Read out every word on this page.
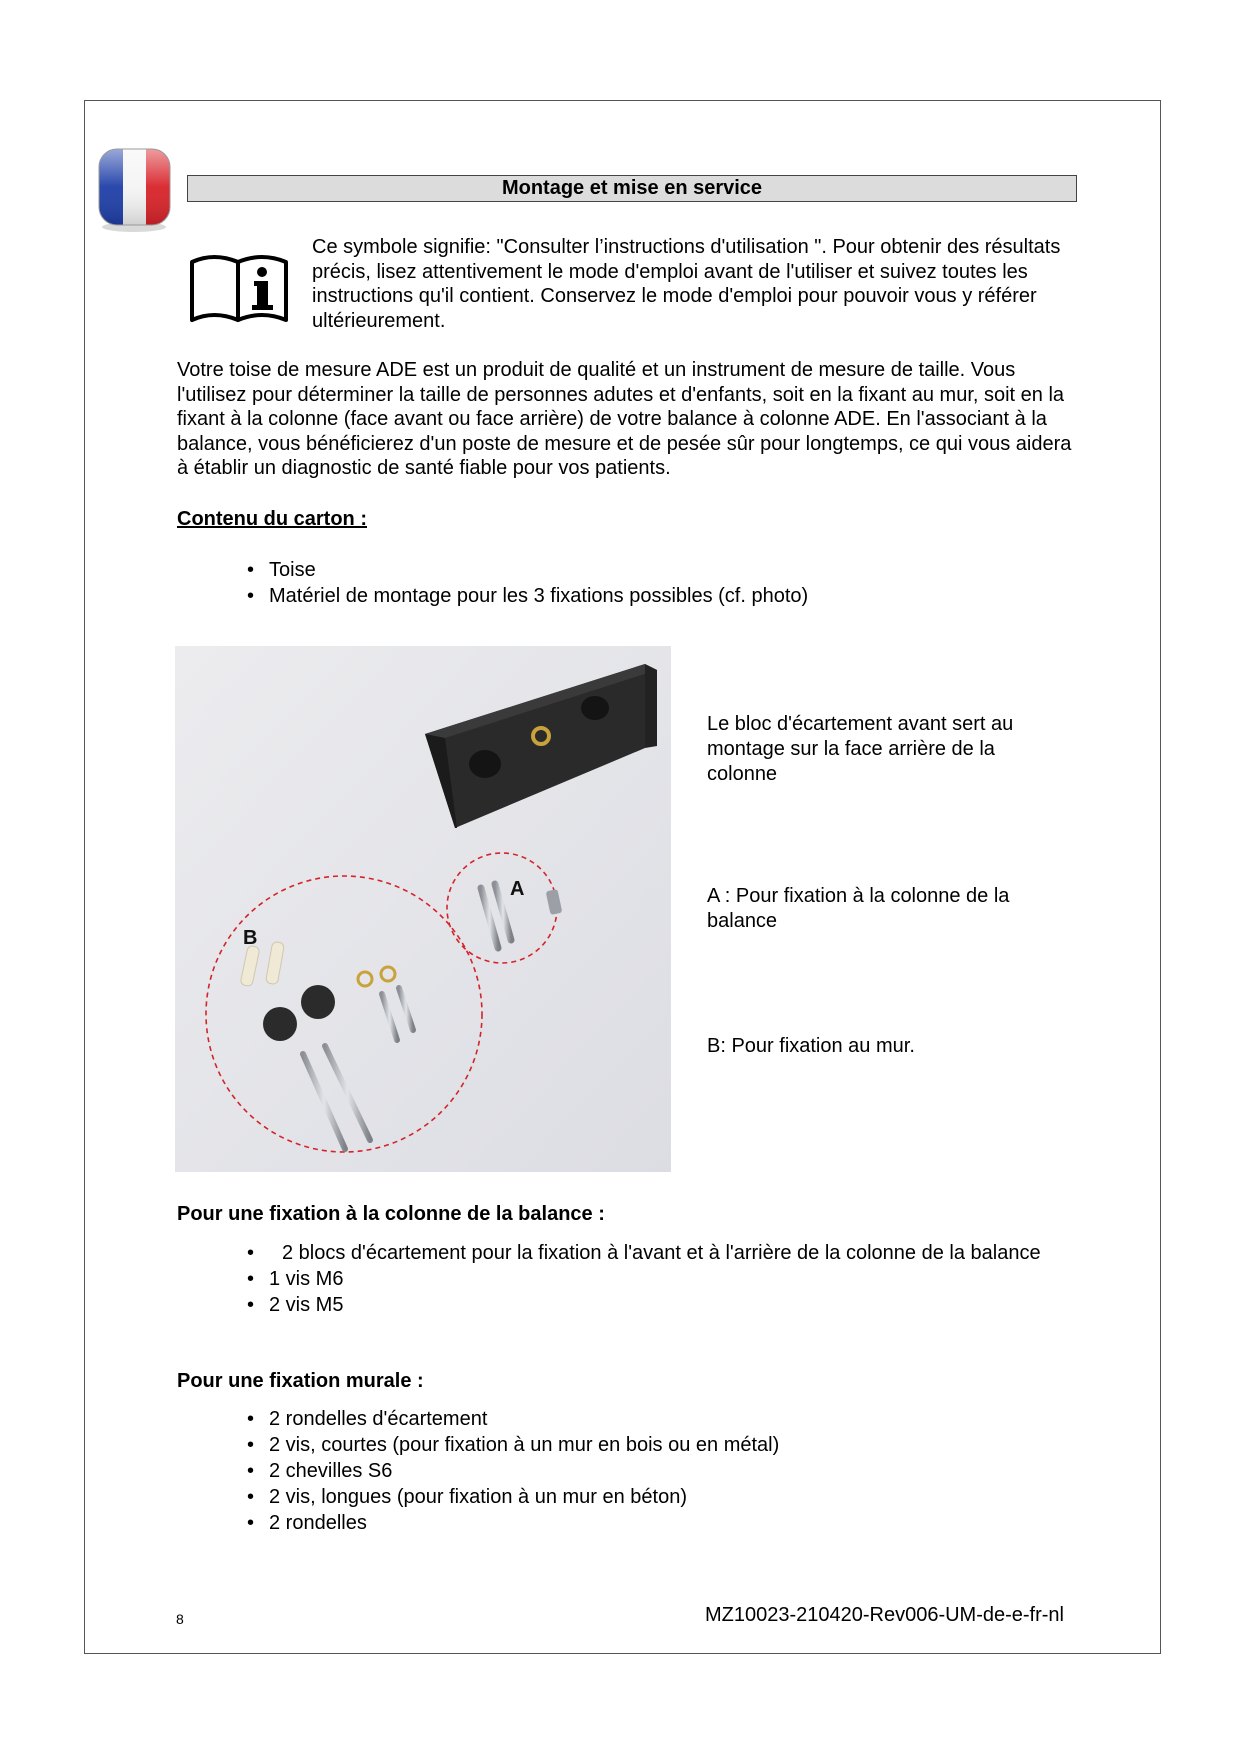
Montage et mise en service

Ce symbole signifie: "Consulter l’instructions d'utilisation ". Pour obtenir des résultats précis, lisez attentivement le mode d'emploi avant de l'utiliser et suivez toutes les instructions qu'il contient. Conservez le mode d'emploi pour pouvoir vous y référer ultérieurement.

Votre toise de mesure ADE est un produit de qualité et un instrument de mesure de taille. Vous l'utilisez pour déterminer la taille de personnes adutes et d'enfants, soit en la fixant au mur, soit en la fixant à la colonne (face avant ou face arrière) de votre balance à colonne ADE. En l'associant à la balance, vous bénéficierez d'un poste de mesure et de pesée sûr pour longtemps, ce qui vous aidera à établir un diagnostic de santé fiable pour vos patients.

Contenu du carton :

• Toise
• Matériel de montage pour les 3 fixations possibles (cf. photo)
A
B

Le bloc d'écartement avant sert au montage sur la face arrière de la colonne

A : Pour fixation à la colonne de la balance

B: Pour fixation au mur.

Pour une fixation à la colonne de la balance :

• 2 blocs d'écartement pour la fixation à l'avant et à l'arrière de la colonne de la balance
• 1 vis M6
• 2 vis M5

Pour une fixation murale :

• 2 rondelles d'écartement
• 2 vis, courtes (pour fixation à un mur en bois ou en métal)
• 2 chevilles S6
• 2 vis, longues (pour fixation à un mur en béton)
• 2 rondelles
8	MZ10023-210420-Rev006-UM-de-e-fr-nl
